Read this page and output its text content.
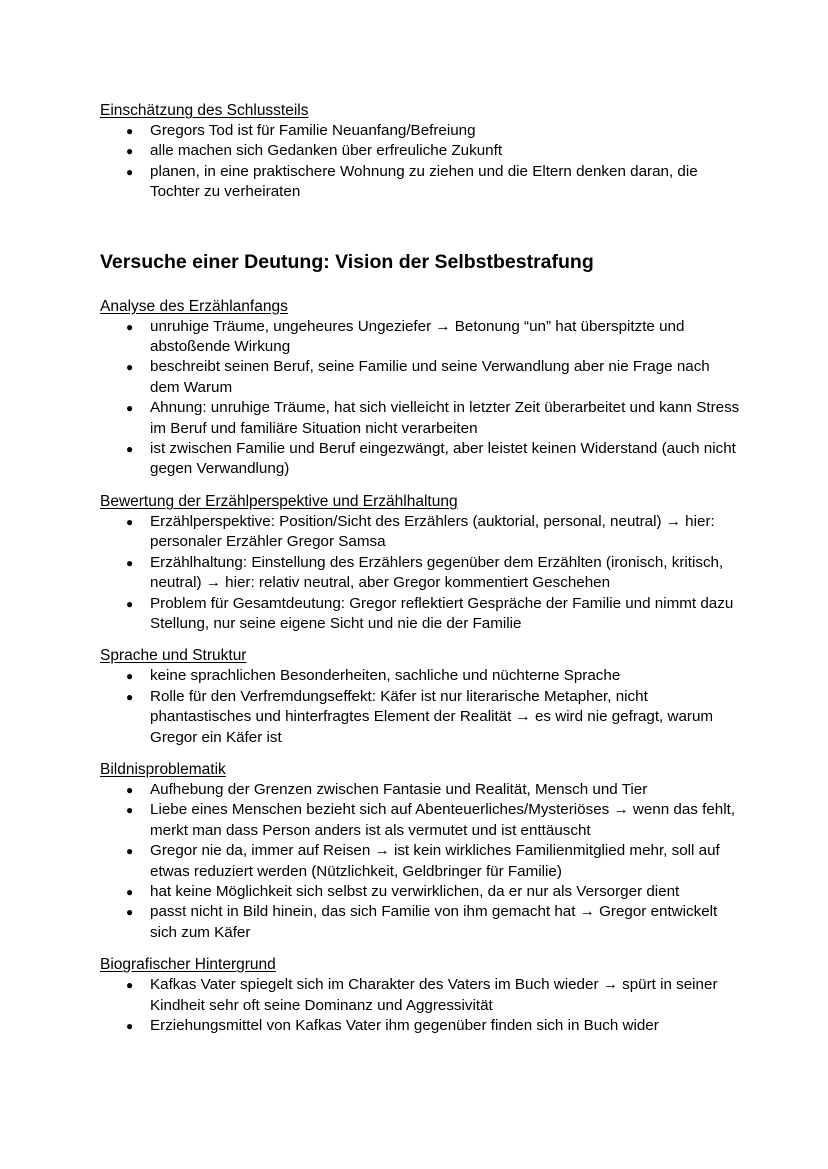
Einschätzung des Schlussteils
● Gregors Tod ist für Familie Neuanfang/Befreiung
● alle machen sich Gedanken über erfreuliche Zukunft
● planen, in eine praktischere Wohnung zu ziehen und die Eltern denken daran, die Tochter zu verheiraten
Versuche einer Deutung: Vision der Selbstbestrafung
Analyse des Erzählanfangs
● unruhige Träume, ungeheures Ungeziefer → Betonung “un” hat überspitzte und abstoßende Wirkung
● beschreibt seinen Beruf, seine Familie und seine Verwandlung aber nie Frage nach dem Warum
● Ahnung: unruhige Träume, hat sich vielleicht in letzter Zeit überarbeitet und kann Stress im Beruf und familiäre Situation nicht verarbeiten
● ist zwischen Familie und Beruf eingezwängt, aber leistet keinen Widerstand (auch nicht gegen Verwandlung)
Bewertung der Erzählperspektive und Erzählhaltung
● Erzählperspektive: Position/Sicht des Erzählers (auktorial, personal, neutral) → hier: personaler Erzähler Gregor Samsa
● Erzählhaltung: Einstellung des Erzählers gegenüber dem Erzählten (ironisch, kritisch, neutral) → hier: relativ neutral, aber Gregor kommentiert Geschehen
● Problem für Gesamtdeutung: Gregor reflektiert Gespräche der Familie und nimmt dazu Stellung, nur seine eigene Sicht und nie die der Familie
Sprache und Struktur
● keine sprachlichen Besonderheiten, sachliche und nüchterne Sprache
● Rolle für den Verfremdungseffekt: Käfer ist nur literarische Metapher, nicht phantastisches und hinterfragtes Element der Realität → es wird nie gefragt, warum Gregor ein Käfer ist
Bildnisproblematik
● Aufhebung der Grenzen zwischen Fantasie und Realität, Mensch und Tier
● Liebe eines Menschen bezieht sich auf Abenteuerliches/Mysteriöses → wenn das fehlt, merkt man dass Person anders ist als vermutet und ist enttäuscht
● Gregor nie da, immer auf Reisen → ist kein wirkliches Familienmitglied mehr, soll auf etwas reduziert werden (Nützlichkeit, Geldbringer für Familie)
● hat keine Möglichkeit sich selbst zu verwirklichen, da er nur als Versorger dient
● passt nicht in Bild hinein, das sich Familie von ihm gemacht hat → Gregor entwickelt sich zum Käfer
Biografischer Hintergrund
● Kafkas Vater spiegelt sich im Charakter des Vaters im Buch wieder → spürt in seiner Kindheit sehr oft seine Dominanz und Aggressivität
● Erziehungsmittel von Kafkas Vater ihm gegenüber finden sich in Buch wider
